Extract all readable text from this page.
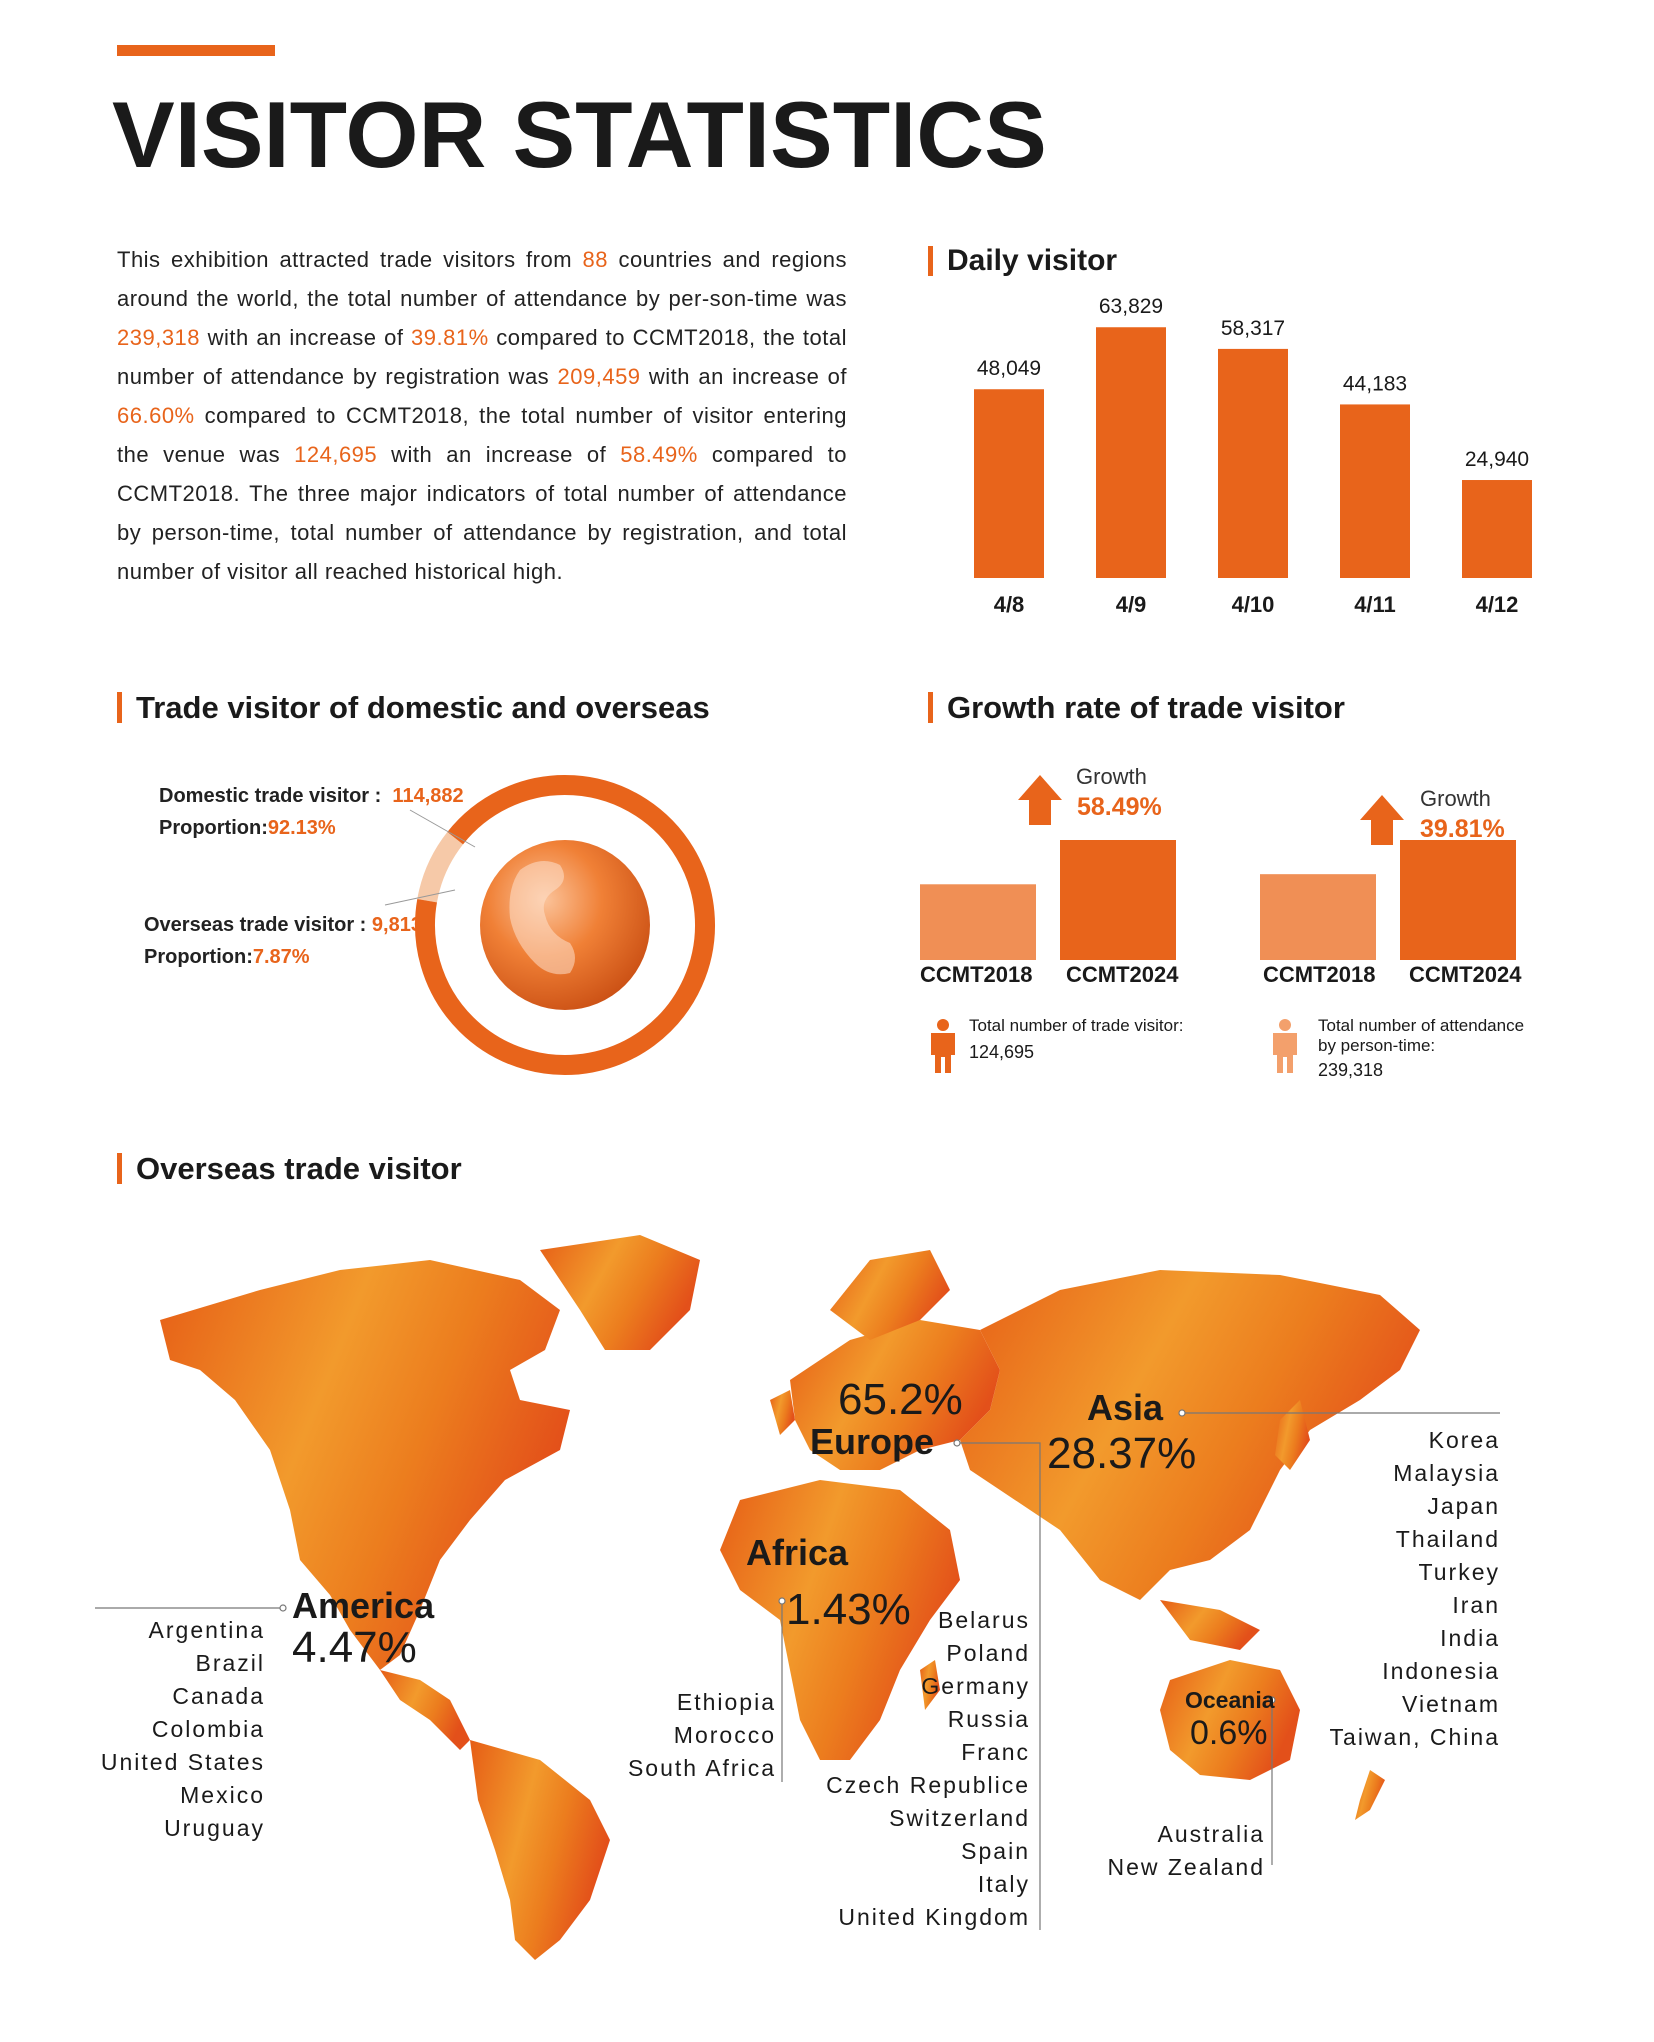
VISITOR STATISTICS
This exhibition attracted trade visitors from 88 countries and regions around the world, the total number of attendance by per-son-time was 239,318 with an increase of 39.81% compared to CCMT2018, the total number of attendance by registration was 209,459 with an increase of 66.60% compared to CCMT2018, the total number of visitor entering the venue was 124,695 with an increase of 58.49% compared to CCMT2018. The three major indicators of total number of attendance by person-time, total number of attendance by registration, and total number of visitor all reached historical high.
Daily visitor
48,049
4/8
63,829
4/9
58,317
4/10
44,183
4/11
24,940
4/12
Trade visitor of domestic and overseas
Domestic trade visitor : 114,882
Proportion:92.13%
Overseas trade visitor : 9,813
Proportion:7.87%
Growth rate of trade visitor
Growth
58.49%
CCMT2018 CCMT2024
Growth
39.81%
CCMT2018 CCMT2024
Total number of trade visitor:
124,695
Total number of attendance
by person-time:
239,318
Overseas trade visitor
America
4.47%
65.2%
Europe
Asia
28.37%
Africa
1.43%
Oceania
0.6%
Argentina
Brazil
Canada
Colombia
United States
Mexico
Uruguay
Belarus
Poland
Germany
Russia
Franc
Czech Republice
Switzerland
Spain
Italy
United Kingdom
Korea
Malaysia
Japan
Thailand
Turkey
Iran
India
Indonesia
Vietnam
Taiwan, China
Ethiopia
Morocco
South Africa
Australia
New Zealand
